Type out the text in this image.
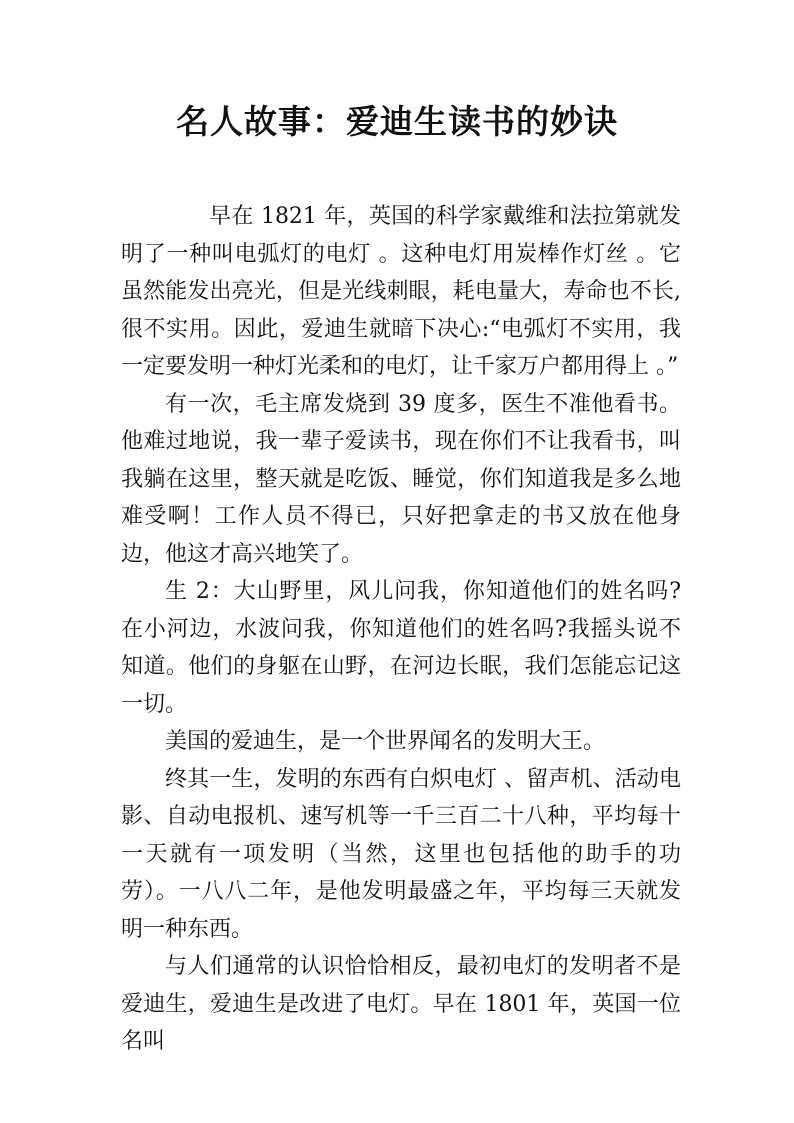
名人故事：爱迪生读书的妙诀

早在 1821 年，英国的科学家戴维和法拉第就发明了一种叫电弧灯的电灯 。这种电灯用炭棒作灯丝 。它虽然能发出亮光，但是光线刺眼，耗电量大，寿命也不长,很不实用。因此，爱迪生就暗下决心:“电弧灯不实用，我一定要发明一种灯光柔和的电灯，让千家万户都用得上 。”

有一次，毛主席发烧到 39 度多，医生不准他看书。他难过地说，我一辈子爱读书，现在你们不让我看书，叫我躺在这里，整天就是吃饭、睡觉，你们知道我是多么地难受啊！工作人员不得已，只好把拿走的书又放在他身边，他这才高兴地笑了。

生 2：大山野里，风儿问我，你知道他们的姓名吗?在小河边，水波问我，你知道他们的姓名吗?我摇头说不知道。他们的身躯在山野，在河边长眠，我们怎能忘记这一切。

美国的爱迪生，是一个世界闻名的发明大王。

终其一生，发明的东西有白炽电灯 、留声机、活动电影、自动电报机、速写机等一千三百二十八种，平均每十一天就有一项发明（当然，这里也包括他的助手的功劳）。一八八二年，是他发明最盛之年，平均每三天就发明一种东西。

与人们通常的认识恰恰相反，最初电灯的发明者不是爱迪生，爱迪生是改进了电灯。早在 1801 年，英国一位名叫
